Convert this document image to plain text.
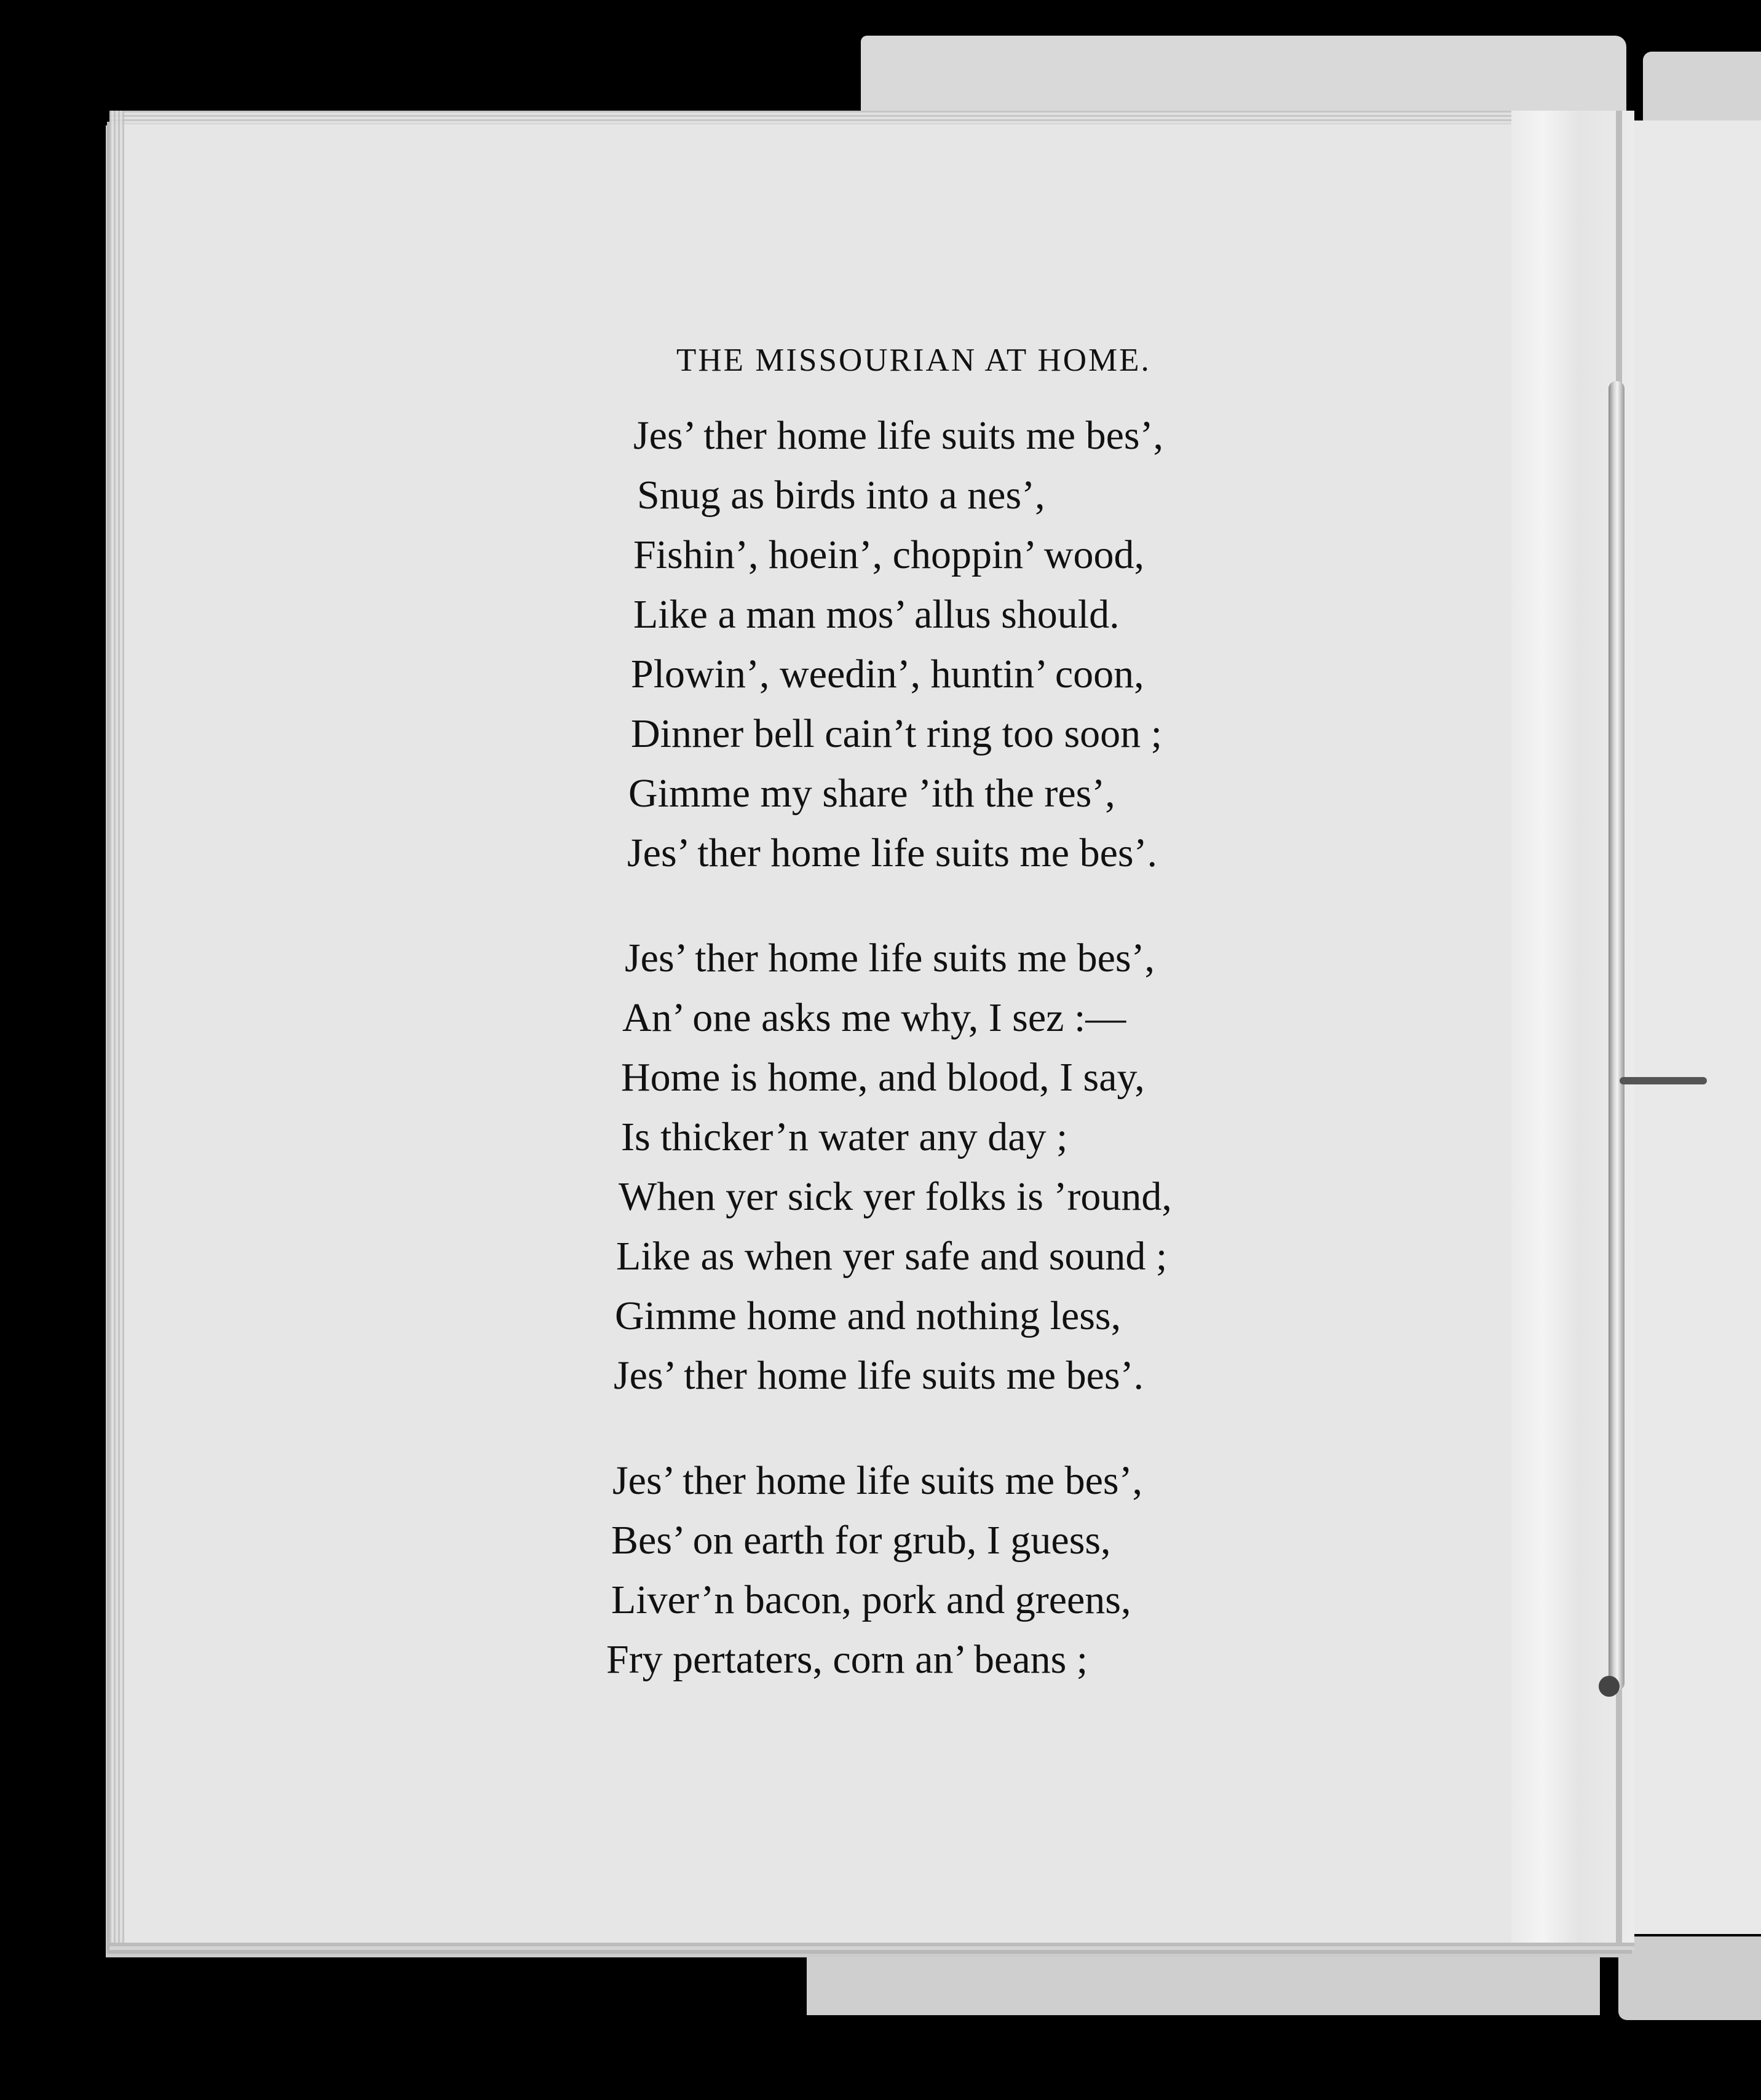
THE MISSOURIAN AT HOME.

Jes’ ther home life suits me bes’,

Snug as birds into a nes’,

Fishin’, hoein’, choppin’ wood,

Like a man mos’ allus should.

Plowin’, weedin’, huntin’ coon,

Dinner bell cain’t ring too soon ;

Gimme my share ’ith the res’,

Jes’ ther home life suits me bes’.

Jes’ ther home life suits me bes’,

An’ one asks me why, I sez :—

Home is home, and blood, I say,

Is thicker’n water any day ;

When yer sick yer folks is ’round,

Like as when yer safe and sound ;

Gimme home and nothing less,

Jes’ ther home life suits me bes’.

Jes’ ther home life suits me bes’,

Bes’ on earth for grub, I guess,

Liver’n bacon, pork and greens,

Fry pertaters, corn an’ beans ;
